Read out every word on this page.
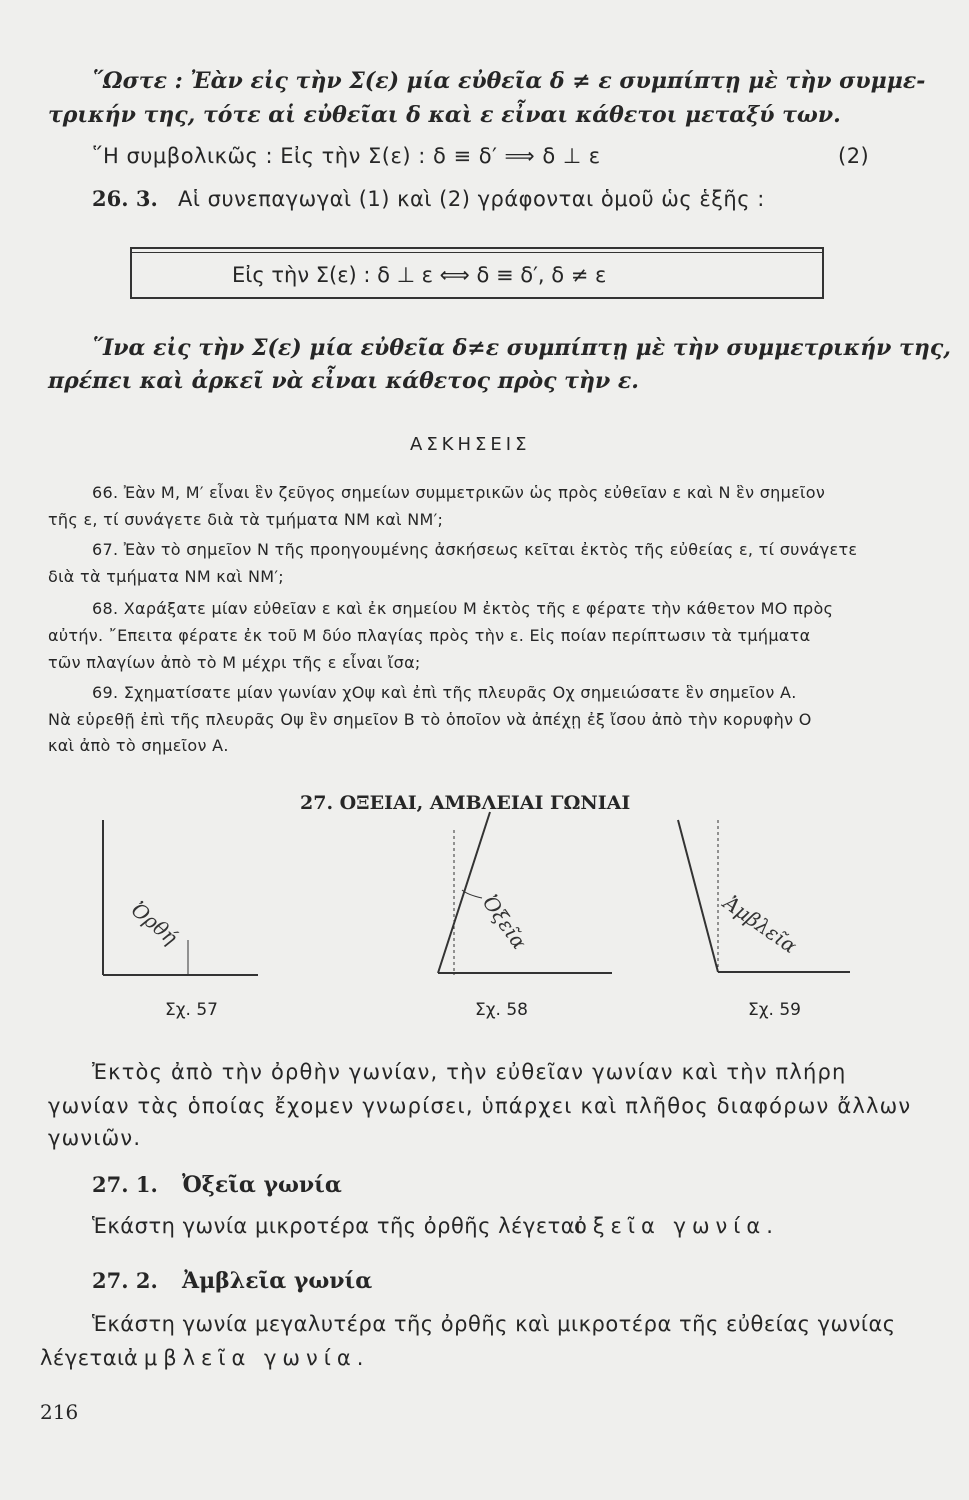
῞Ωστε : Ἐὰν εἰς τὴν Σ(ε) μία εὐθεῖα δ ≠ ε συμπίπτῃ μὲ τὴν συμμε-
τρικήν της, τότε αἱ εὐθεῖαι δ καὶ ε εἶναι κάθετοι μεταξύ των.
῞Η συμβολικῶς : Εἰς τὴν Σ(ε) : δ ≡ δ′ ⟹ δ ⊥ ε	(2)
26. 3. Αἱ συνεπαγωγαὶ (1) καὶ (2) γράφονται ὁμοῦ ὡς ἑξῆς :
Εἰς τὴν Σ(ε) : δ ⊥ ε ⟺ δ ≡ δ′, δ ≠ ε
῞Ινα εἰς τὴν Σ(ε) μία εὐθεῖα δ≠ε συμπίπτῃ μὲ τὴν συμμετρικήν της,
πρέπει καὶ ἀρκεῖ νὰ εἶναι κάθετος πρὸς τὴν ε.
ΑΣΚΗΣΕΙΣ
66. Ἐὰν Μ, Μ′ εἶναι ἓν ζεῦγος σημείων συμμετρικῶν ὡς πρὸς εὐθεῖαν ε καὶ Ν ἓν σημεῖον
τῆς ε, τί συνάγετε διὰ τὰ τμήματα ΝΜ καὶ ΝΜ′;
67. Ἐὰν τὸ σημεῖον Ν τῆς προηγουμένης ἀσκήσεως κεῖται ἐκτὸς τῆς εὐθείας ε, τί συνάγετε
διὰ τὰ τμήματα ΝΜ καὶ ΝΜ′;
68. Χαράξατε μίαν εὐθεῖαν ε καὶ ἐκ σημείου Μ ἐκτὸς τῆς ε φέρατε τὴν κάθετον ΜΟ πρὸς
αὐτήν. ῎Επειτα φέρατε ἐκ τοῦ Μ δύο πλαγίας πρὸς τὴν ε. Εἰς ποίαν περίπτωσιν τὰ τμήματα
τῶν πλαγίων ἀπὸ τὸ Μ μέχρι τῆς ε εἶναι ἴσα;
69. Σχηματίσατε μίαν γωνίαν χΟψ καὶ ἐπὶ τῆς πλευρᾶς Οχ σημειώσατε ἓν σημεῖον Α.
Νὰ εὑρεθῇ ἐπὶ τῆς πλευρᾶς Οψ ἓν σημεῖον Β τὸ ὁποῖον νὰ ἀπέχῃ ἐξ ἴσου ἀπὸ τὴν κορυφὴν Ο
καὶ ἀπὸ τὸ σημεῖον Α.
27. ΟΞΕΙΑΙ, ΑΜΒΛΕΙΑΙ ΓΩΝΙΑΙ
Ὀρθή	Ὀξεῖα	Ἀμβλεῖα
Σχ. 57	Σχ. 58	Σχ. 59
Ἐκτὸς ἀπὸ τὴν ὀρθὴν γωνίαν, τὴν εὐθεῖαν γωνίαν καὶ τὴν πλήρη
γωνίαν τὰς ὁποίας ἔχομεν γνωρίσει, ὑπάρχει καὶ πλῆθος διαφόρων ἄλλων
γωνιῶν.
27. 1. Ὀξεῖα γωνία
Ἑκάστη γωνία μικροτέρα τῆς ὀρθῆς λέγεται
ὀξεῖα γωνία.
27. 2. Ἀμβλεῖα γωνία
Ἑκάστη γωνία μεγαλυτέρα τῆς ὀρθῆς καὶ μικροτέρα τῆς εὐθείας γωνίας
λέγεται ἀμβλεῖα γωνία.
216
